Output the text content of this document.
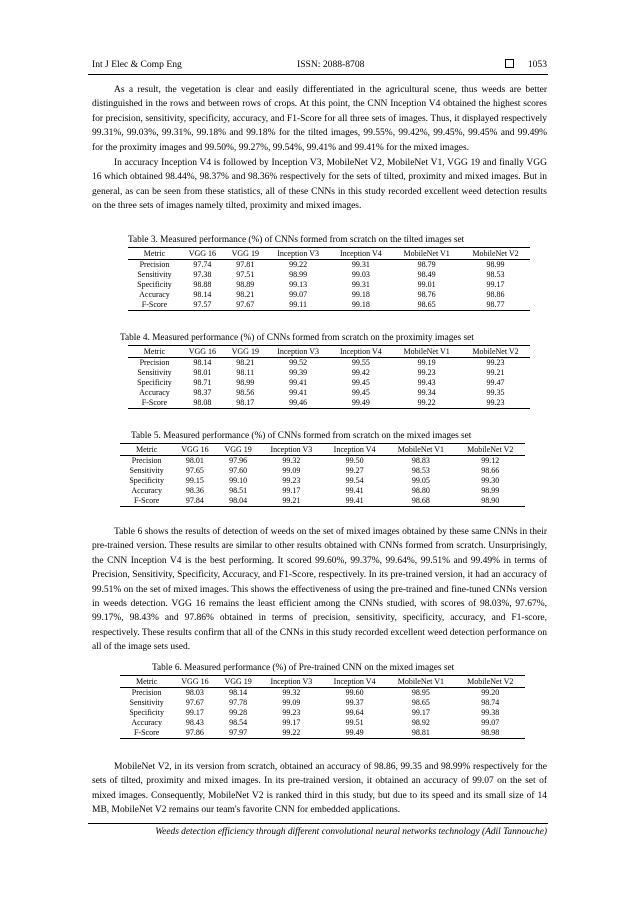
Int J Elec & Comp Eng	ISSN: 2088-8708	1053

As a result, the vegetation is clear and easily differentiated in the agricultural scene, thus weeds are better distinguished in the rows and between rows of crops. At this point, the CNN Inception V4 obtained the highest scores for precision, sensitivity, specificity, accuracy, and F1-Score for all three sets of images. Thus, it displayed respectively 99.31%, 99.03%, 99.31%, 99.18% and 99.18% for the tilted images, 99.55%, 99.42%, 99.45%, 99.45% and 99.49% for the proximity images and 99.50%, 99.27%, 99.54%, 99.41% and 99.41% for the mixed images.

In accuracy Inception V4 is followed by Inception V3, MobileNet V2, MobileNet V1, VGG 19 and finally VGG 16 which obtained 98.44%, 98.37% and 98.36% respectively for the sets of tilted, proximity and mixed images. But in general, as can be seen from these statistics, all of these CNNs in this study recorded excellent weed detection results on the three sets of images namely tilted, proximity and mixed images.

Table 3. Measured performance (%) of CNNs formed from scratch on the tilted images set
Metric	VGG 16	VGG 19	Inception V3	Inception V4	MobileNet V1	MobileNet V2
Precision	97.74	97.81	99.22	99.31	98.79	98.99
Sensitivity	97.38	97.51	98.99	99.03	98.49	98.53
Specificity	98.88	98.89	99.13	99.31	99.01	99.17
Accuracy	98.14	98.21	99.07	99.18	98.76	98.86
F-Score	97.57	97.67	99.11	99.18	98.65	98.77
Table 4. Measured performance (%) of CNNs formed from scratch on the proximity images set
Metric	VGG 16	VGG 19	Inception V3	Inception V4	MobileNet V1	MobileNet V2
Precision	98.14	98.21	99.52	99.55	99.19	99.23
Sensitivity	98.01	98.11	99.39	99.42	99.23	99.21
Specificity	98.71	98.99	99.41	99.45	99.43	99.47
Accuracy	98.37	98.56	99.41	99.45	99.34	99.35
F-Score	98.08	98.17	99.46	99.49	99.22	99.23
Table 5. Measured performance (%) of CNNs formed from scratch on the mixed images set
Metric	VGG 16	VGG 19	Inception V3	Inception V4	MobileNet V1	MobileNet V2
Precision	98.01	97.96	99.32	99.50	98.83	99.12
Sensitivity	97.65	97.60	99.09	99.27	98.53	98.66
Specificity	99.15	99.10	99.23	99.54	99.05	99.30
Accuracy	98.36	98.51	99.17	99.41	98.80	98.99
F-Score	97.84	98.04	99.21	99.41	98.68	98.90

Table 6 shows the results of detection of weeds on the set of mixed images obtained by these same CNNs in their pre-trained version. These results are similar to other results obtained with CNNs formed from scratch. Unsurprisingly, the CNN Inception V4 is the best performing. It scored 99.60%, 99.37%, 99.64%, 99.51% and 99.49% in terms of Precision, Sensitivity, Specificity, Accuracy, and F1-Score, respectively. In its pre-trained version, it had an accuracy of 99.51% on the set of mixed images. This shows the effectiveness of using the pre-trained and fine-tuned CNNs version in weeds detection. VGG 16 remains the least efficient among the CNNs studied, with scores of 98.03%, 97.67%, 99.17%, 98.43% and 97.86% obtained in terms of precision, sensitivity, specificity, accuracy, and F1-score, respectively. These results confirm that all of the CNNs in this study recorded excellent weed detection performance on all of the image sets used.

Table 6. Measured performance (%) of Pre-trained CNN on the mixed images set
Metric	VGG 16	VGG 19	Inception V3	Inception V4	MobileNet V1	MobileNet V2
Precision	98.03	98.14	99.32	99.60	98.95	99.20
Sensitivity	97.67	97.78	99.09	99.37	98.65	98.74
Specificity	99.17	99.28	99.23	99.64	99.17	99.38
Accuracy	98.43	98.54	99.17	99.51	98.92	99.07
F-Score	97.86	97.97	99.22	99.49	98.81	98.98

MobileNet V2, in its version from scratch, obtained an accuracy of 98.86, 99.35 and 98.99% respectively for the sets of tilted, proximity and mixed images. In its pre-trained version, it obtained an accuracy of 99.07 on the set of mixed images. Consequently, MobileNet V2 is ranked third in this study, but due to its speed and its small size of 14 MB, MobileNet V2 remains our team's favorite CNN for embedded applications.

Weeds detection efficiency through different convolutional neural networks technology (Adil Tannouche)
